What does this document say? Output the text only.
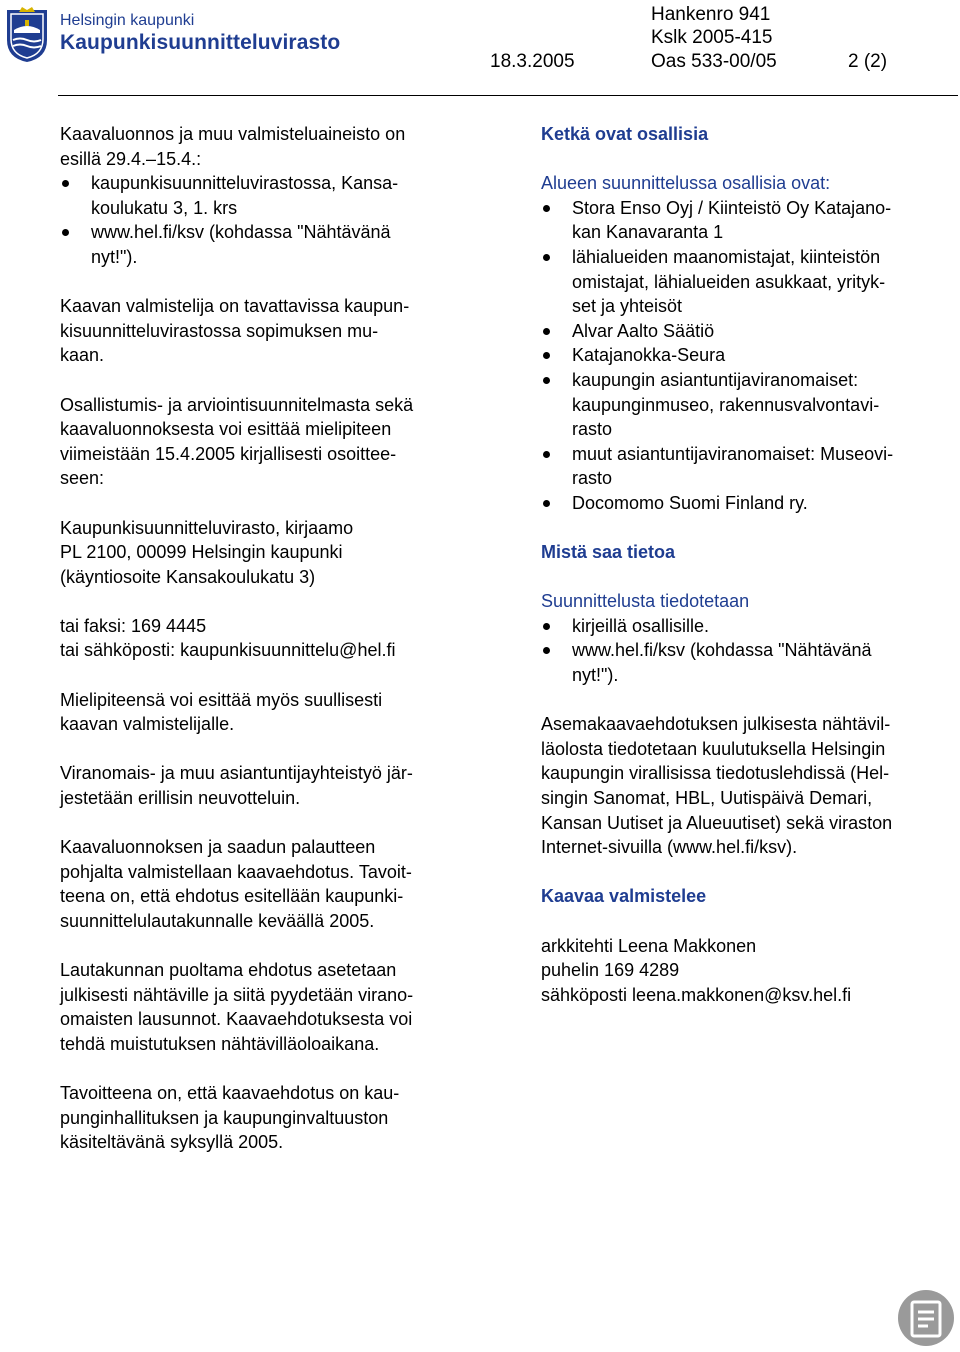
Helsingin kaupunki
Kaupunkisuunnitteluvirasto
Hankenro 941
Kslk 2005-415

18.3.2005

	Oas 533-00/05

	2 (2)

Kaavaluonnos ja muu valmisteluaineisto on
esillä 29.4.–15.4.:

kaupunkisuunnitteluvirastossa, Kansa-
koulukatu 3, 1. krs
www.hel.fi/ksv (kohdassa "Nähtävänä
nyt!").

Kaavan valmistelija on tavattavissa kaupun-
kisuunnitteluvirastossa sopimuksen mu-
kaan.

Osallistumis- ja arviointisuunnitelmasta sekä
kaavaluonnoksesta voi esittää mielipiteen
viimeistään 15.4.2005 kirjallisesti osoittee-
seen:

Kaupunkisuunnitteluvirasto, kirjaamo
PL 2100, 00099 Helsingin kaupunki
(käyntiosoite Kansakoulukatu 3)

tai faksi: 169 4445
tai sähköposti: kaupunkisuunnittelu@hel.fi

Mielipiteensä voi esittää myös suullisesti
kaavan valmistelijalle.

Viranomais- ja muu asiantuntijayhteistyö jär-
jestetään erillisin neuvotteluin.

Kaavaluonnoksen ja saadun palautteen
pohjalta valmistellaan kaavaehdotus. Tavoit-
teena on, että ehdotus esitellään kaupunki-
suunnittelulautakunnalle keväällä 2005.

Lautakunnan puoltama ehdotus asetetaan
julkisesti nähtäville ja siitä pyydetään virano-
omaisten lausunnot. Kaavaehdotuksesta voi
tehdä muistutuksen nähtävilläoloaikana.

Tavoitteena on, että kaavaehdotus on kau-
punginhallituksen ja kaupunginvaltuuston
käsiteltävänä syksyllä 2005.

Ketkä ovat osallisia

Alueen suunnittelussa osallisia ovat:

Stora Enso Oyj / Kiinteistö Oy Katajano-
kan Kanavaranta 1
lähialueiden maanomistajat, kiinteistön
omistajat, lähialueiden asukkaat, yrityk-
set ja yhteisöt
Alvar Aalto Säätiö
Katajanokka-Seura
kaupungin asiantuntijaviranomaiset:
kaupunginmuseo, rakennusvalvontavi-
rasto
muut asiantuntijaviranomaiset: Museovi-
rasto
Docomomo Suomi Finland ry.
Mistä saa tietoa

Suunnittelusta tiedotetaan

kirjeillä osallisille.
www.hel.fi/ksv (kohdassa "Nähtävänä
nyt!").

Asemakaavaehdotuksen julkisesta nähtävil-
läolosta tiedotetaan kuulutuksella Helsingin
kaupungin virallisissa tiedotuslehdissä (Hel-
singin Sanomat, HBL, Uutispäivä Demari,
Kansan Uutiset ja Alueuutiset) sekä viraston
Internet-sivuilla (www.hel.fi/ksv).

Kaavaa valmistelee

arkkitehti Leena Makkonen
puhelin 169 4289
sähköposti leena.makkonen@ksv.hel.fi
